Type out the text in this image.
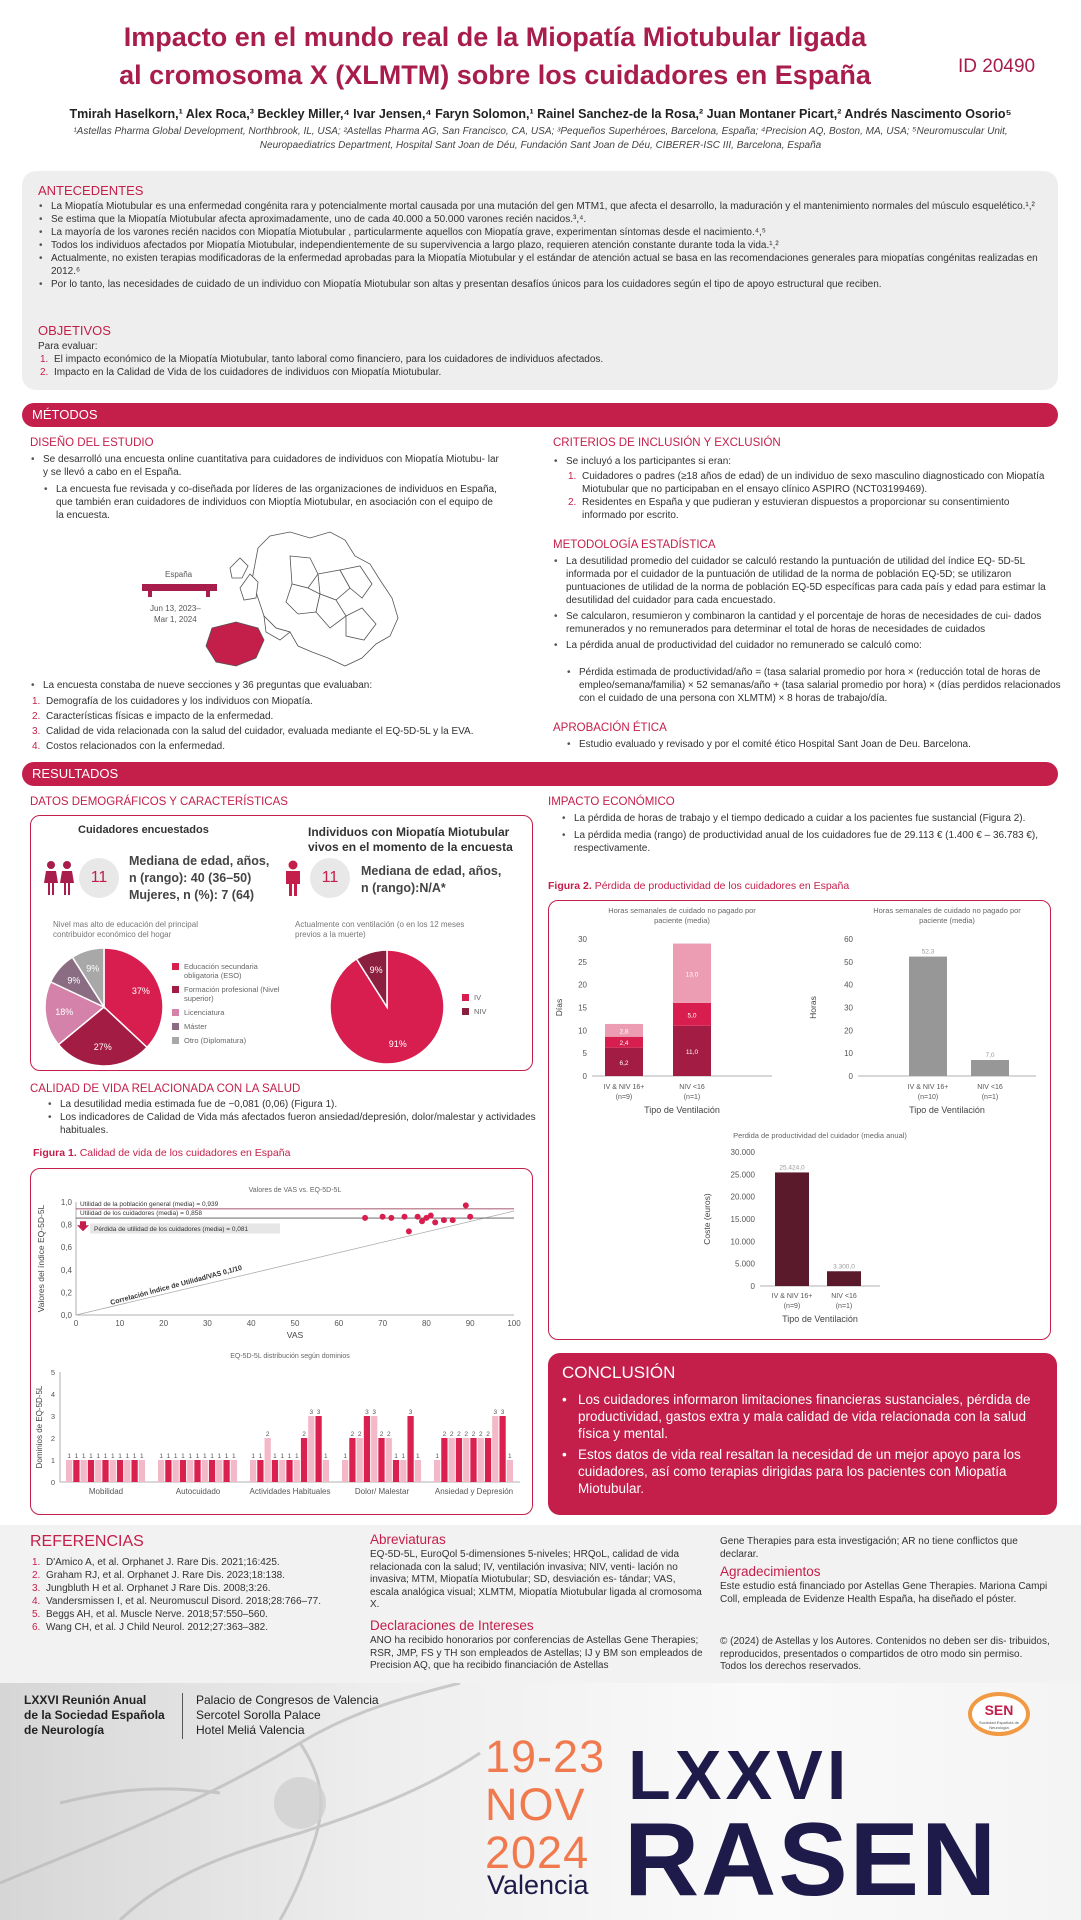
Impacto en el mundo real de la Miopatía Miotubular ligada
al cromosoma X (XLMTM) sobre los cuidadores en España	ID 20490
Tmirah Haselkorn,¹ Alex Roca,³ Beckley Miller,⁴ Ivar Jensen,⁴ Faryn Solomon,¹ Rainel Sanchez-de la Rosa,² Juan Montaner Picart,² Andrés Nascimento Osorio⁵
¹Astellas Pharma Global Development, Northbrook, IL, USA; ²Astellas Pharma AG, San Francisco, CA, USA; ³Pequeños Superhéroes, Barcelona, España; ⁴Precision AQ, Boston, MA, USA; ⁵Neuromuscular Unit,
Neuropaediatrics Department, Hospital Sant Joan de Déu, Fundación Sant Joan de Déu, CIBERER-ISC III, Barcelona, España
ANTECEDENTES
• La Miopatía Miotubular es una enfermedad congénita rara y potencialmente mortal causada por una mutación del gen MTM1, que afecta el desarrollo, la maduración y el mantenimiento normales del músculo esquelético.¹,²
• Se estima que la Miopatía Miotubular afecta aproximadamente, uno de cada 40.000 a 50.000 varones recién nacidos.³,⁴.
• La mayoría de los varones recién nacidos con Miopatía Miotubular , particularmente aquellos con Miopatía grave, experimentan síntomas desde el nacimiento.⁴,⁵
• Todos los individuos afectados por Miopatía Miotubular, independientemente de su supervivencia a largo plazo, requieren atención constante durante toda la vida.¹,²
• Actualmente, no existen terapias modificadoras de la enfermedad aprobadas para la Miopatía Miotubular y el estándar de atención actual se basa en las recomendaciones generales para miopatías congénitas realizadas en 2012.⁶
• Por lo tanto, las necesidades de cuidado de un individuo con Miopatía Miotubular son altas y presentan desafíos únicos para los cuidadores según el tipo de apoyo estructural que reciben.
OBJETIVOS
Para evaluar:
1. El impacto económico de la Miopatía Miotubular, tanto laboral como financiero, para los cuidadores de individuos afectados.
2. Impacto en la Calidad de Vida de los cuidadores de individuos con Miopatía Miotubular.
MÉTODOS
DISEÑO DEL ESTUDIO
• Se desarrolló una encuesta online cuantitativa para cuidadores de individuos con Miopatía Miotubu- lar y se llevó a cabo en el España.
• La encuesta fue revisada y co-diseñada por líderes de las organizaciones de individuos en España, que también eran cuidadores de individuos con Mioptía Miotubular, en asociación con el equipo de la encuesta.
España
Jun 13, 2023–
Mar 1, 2024
• La encuesta constaba de nueve secciones y 36 preguntas que evaluaban:
1. Demografía de los cuidadores y los individuos con Miopatía.
2. Características físicas e impacto de la enfermedad.
3. Calidad de vida relacionada con la salud del cuidador, evaluada mediante el EQ-5D-5L y la EVA.
4. Costos relacionados con la enfermedad.
CRITERIOS DE INCLUSIÓN Y EXCLUSIÓN
• Se incluyó a los participantes si eran:
1. Cuidadores o padres (≥18 años de edad) de un individuo de sexo masculino diagnosticado con Miopatía Miotubular que no participaban en el ensayo clínico ASPIRO (NCT03199469).
2. Residentes en España y que pudieran y estuvieran dispuestos a proporcionar su consentimiento informado por escrito.
METODOLOGÍA ESTADÍSTICA
• La desutilidad promedio del cuidador se calculó restando la puntuación de utilidad del índice EQ- 5D-5L informada por el cuidador de la puntuación de utilidad de la norma de población EQ-5D; se utilizaron puntuaciones de utilidad de la norma de población EQ-5D específicas para cada país y edad para estimar la desutilidad del cuidador para cada encuestado.
• Se calcularon, resumieron y combinaron la cantidad y el porcentaje de horas de necesidades de cui- dados remunerados y no remunerados para determinar el total de horas de necesidades de cuidados
• La pérdida anual de productividad del cuidador no remunerado se calculó como:
• Pérdida estimada de productividad/año = (tasa salarial promedio por hora × (reducción total de horas de empleo/semana/familia) × 52 semanas/año + (tasa salarial promedio por hora) × (días perdidos relacionados con el cuidado de una persona con XLMTM) × 8 horas de trabajo/día.
APROBACIÓN ÉTICA
• Estudio evaluado y revisado y por el comité ético Hospital Sant Joan de Deu. Barcelona.
RESULTADOS
DATOS DEMOGRÁFICOS Y CARACTERÍSTICAS
Cuidadores encuestados
11
Mediana de edad, años,
n (rango): 40 (36–50)
Mujeres, n (%): 7 (64)
Individuos con Miopatía Miotubular
vivos en el momento de la encuesta
11	Mediana de edad, años,
n (rango):N/A*
Nivel mas alto de educación del principal
contribuidor económico del hogar
37%
27%
18%
9%
9%	Educación secundaria obligatoria (ESO)
Formación profesional (Nivel superior)
Licenciatura
Máster
Otro (Diplomatura)
Actualmente con ventilación (o en los 12 meses
previos a la muerte)
91%
9%
IV
NIV
CALIDAD DE VIDA RELACIONADA CON LA SALUD
• La desutilidad media estimada fue de −0,081 (0,06) (Figura 1).
• Los indicadores de Calidad de Vida más afectados fueron ansiedad/depresión, dolor/malestar y actividades habituales.
Figura 1. Calidad de vida de los cuidadores en España
Valores de VAS vs. EQ-5D-5L
0	10	20	30	40	50	60	70	80	90	100
0,0
0,2
0,4
0,6
0,8
1,0
VAS
Valores del índice EQ-5D-5L	Correlación Índice de Utilidad/VAS 0,1/10
Utilidad de la población general (media) = 0,939
Utilidad de los cuidadores (media) = 0,858
Pérdida de utilidad de los cuidadores (media) = 0,081
EQ-5D-5L distribución según dominios
0
1
2
3
4
5
Dominios de EQ-5D-5L	1 1 1 1 1 1 1 1 1 1 1
Mobilidad
1 1 1 1 1 1 1 1 1 1 1
Autocuidado
1 1
2
1 1 1 1
2
3 3
1
Actividades Habituales
1
2 2
3 3
2 2
1 1
3
1
Dolor/ Malestar
1
2 2 2 2 2 2 2
3 3
1
Ansiedad y Depresión
IMPACTO ECONÓMICO
• La pérdida de horas de trabajo y el tiempo dedicado a cuidar a los pacientes fue sustancial (Figura 2).
• La pérdida media (rango) de productividad anual de los cuidadores fue de 29.113 € (1.400 € – 36.783 €), respectivamente.
Figura 2. Pérdida de productividad de los cuidadores en España
Horas semanales de cuidado no pagado por
paciente (media)
0
5
10
15
20
25
30
Días
6,2
2,4
2,8
11,0
5,0
13,0
IV & NIV 16+
(n=9)
NIV <16
(n=1)
Tipo de Ventilación
Horas semanales de cuidado no pagado por
paciente (media)
0
10
20
30
40
50
60
Horas
52,3
7,0
IV & NIV 16+
(n=10)
NIV <16
(n=1)
Tipo de Ventilación
Perdida de productividad del cuidador (media anual)
0
5.000
10.000
15.000
20.000
25.000
30.000
Coste (euros)
25.424,0
3.300,0
IV & NIV 16+
(n=9)
NIV <16
(n=1)
Tipo de Ventilación
CONCLUSIÓN
• Los cuidadores informaron limitaciones financieras sustanciales, pérdida de productividad, gastos extra y mala calidad de vida relacionada con la salud física y mental.
• Estos datos de vida real resaltan la necesidad de un mejor apoyo para los cuidadores, así como terapias dirigidas para los pacientes con Miopatía Miotubular.
REFERENCIAS
1. D'Amico A, et al. Orphanet J. Rare Dis. 2021;16:425.
2. Graham RJ, et al. Orphanet J. Rare Dis. 2023;18:138.
3. Jungbluth H et al. Orphanet J Rare Dis. 2008;3:26.
4. Vandersmissen I, et al. Neuromuscul Disord. 2018;28:766–77.
5. Beggs AH, et al. Muscle Nerve. 2018;57:550–560.
6. Wang CH, et al. J Child Neurol. 2012;27:363–382.
Abreviaturas
EQ-5D-5L, EuroQol 5-dimensiones 5-niveles; HRQoL, calidad de vida relacionada con la salud; IV, ventilación invasiva; NIV, venti- lación no invasiva; MTM, Miopatía Miotubular; SD, desviación es- tándar; VAS, escala analógica visual; XLMTM, Miopatía Miotubular ligada al cromosoma X.
Declaraciones de Intereses
ANO ha recibido honorarios por conferencias de Astellas Gene Therapies; RSR, JMP, FS y TH son empleados de Astellas; IJ y BM son empleados de Precision AQ, que ha recibido financiación de Astellas
Gene Therapies para esta investigación; AR no tiene conflictos que declarar.
Agradecimientos
Este estudio está financiado por Astellas Gene Therapies. Mariona Campi Coll, empleada de Evidenze Health España, ha diseñado el póster.
© (2024) de Astellas y los Autores. Contenidos no deben ser dis- tribuidos, reproducidos, presentados o compartidos de otro modo sin permiso. Todos los derechos reservados.
LXXVI Reunión Anual
de la Sociedad Española
de Neurología
Palacio de Congresos de Valencia
Sercotel Sorolla Palace
Hotel Meliá Valencia
19-23
NOV
2024
Valencia
LXXVI
RASEN
SEN
Sociedad Española de Neurología
